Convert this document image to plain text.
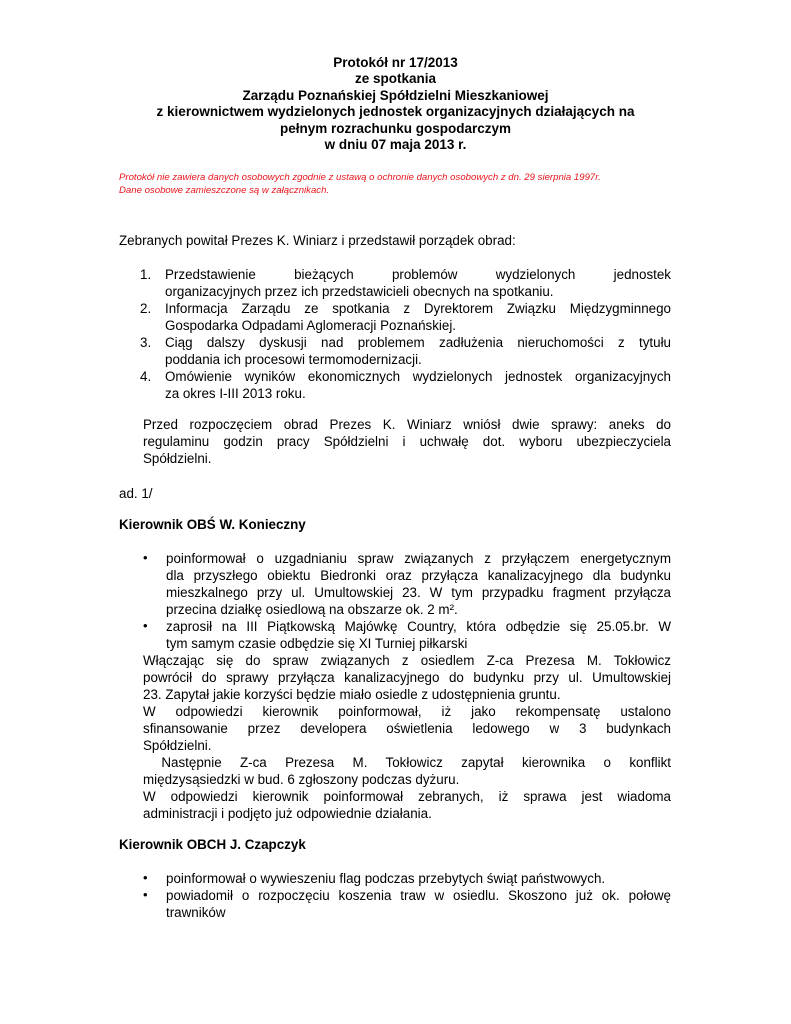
Protokół nr 17/2013
ze spotkania
Zarządu Poznańskiej Spółdzielni Mieszkaniowej
z kierownictwem wydzielonych jednostek organizacyjnych działających na
pełnym rozrachunku gospodarczym
w dniu 07 maja 2013 r.
Protokół nie zawiera danych osobowych zgodnie z ustawą o ochronie danych osobowych z dn. 29 sierpnia 1997r.
Dane osobowe zamieszczone są w załącznikach.
Zebranych powitał Prezes K. Winiarz i przedstawił porządek obrad:
1. Przedstawienie bieżących problemów wydzielonych jednostek
organizacyjnych przez ich przedstawicieli obecnych na spotkaniu.
2. Informacja Zarządu ze spotkania z Dyrektorem Związku Międzygminnego
Gospodarka Odpadami Aglomeracji Poznańskiej.
3. Ciąg dalszy dyskusji nad problemem zadłużenia nieruchomości z tytułu
poddania ich procesowi termomodernizacji.
4. Omówienie wyników ekonomicznych wydzielonych jednostek organizacyjnych
za okres I-III 2013 roku.
Przed rozpoczęciem obrad Prezes K. Winiarz wniósł dwie sprawy: aneks do
regulaminu godzin pracy Spółdzielni i uchwałę dot. wyboru ubezpieczyciela
Spółdzielni.
ad. 1/
Kierownik OBŚ W. Konieczny
• poinformował o uzgadnianiu spraw związanych z przyłączem energetycznym
dla przyszłego obiektu Biedronki oraz przyłącza kanalizacyjnego dla budynku
mieszkalnego przy ul. Umultowskiej 23. W tym przypadku fragment przyłącza
przecina działkę osiedlową na obszarze ok. 2 m².
• zaprosił na III Piątkowską Majówkę Country, która odbędzie się 25.05.br. W
tym samym czasie odbędzie się XI Turniej piłkarski
Włączając się do spraw związanych z osiedlem Z-ca Prezesa M. Tokłowicz
powrócił do sprawy przyłącza kanalizacyjnego do budynku przy ul. Umultowskiej
23. Zapytał jakie korzyści będzie miało osiedle z udostępnienia gruntu.
W odpowiedzi kierownik poinformował, iż jako rekompensatę ustalono
sfinansowanie przez developera oświetlenia ledowego w 3 budynkach
Spółdzielni.
Następnie Z-ca Prezesa M. Tokłowicz zapytał kierownika o konflikt
międzysąsiedzki w bud. 6 zgłoszony podczas dyżuru.
W odpowiedzi kierownik poinformował zebranych, iż sprawa jest wiadoma
administracji i podjęto już odpowiednie działania.
Kierownik OBCH J. Czapczyk
• poinformował o wywieszeniu flag podczas przebytych świąt państwowych.
• powiadomił o rozpoczęciu koszenia traw w osiedlu. Skoszono już ok. połowę
trawników
